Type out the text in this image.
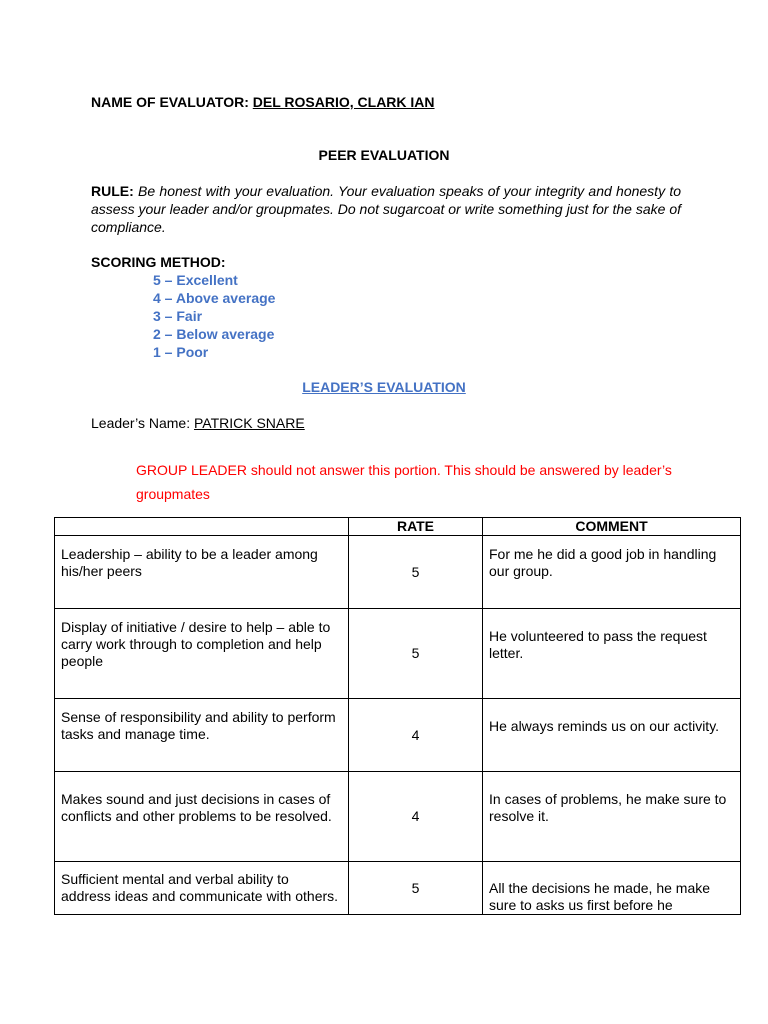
NAME OF EVALUATOR: DEL ROSARIO, CLARK IAN
PEER EVALUATION
RULE: Be honest with your evaluation. Your evaluation speaks of your integrity and honesty to assess your leader and/or groupmates. Do not sugarcoat or write something just for the sake of compliance.
SCORING METHOD:
5 – Excellent
4 – Above average
3 – Fair
2 – Below average
1 – Poor
LEADER’S EVALUATION
Leader’s Name: PATRICK SNARE
GROUP LEADER should not answer this portion. This should be answered by leader’s groupmates
	RATE	COMMENT

Leadership – ability to be a leader among his/her peers	5	For me he did a good job in handling our group.

Display of initiative / desire to help – able to carry work through to completion and help people	5	He volunteered to pass the request letter.

Sense of responsibility and ability to perform tasks and manage time.	4	He always reminds us on our activity.

Makes sound and just decisions in cases of conflicts and other problems to be resolved.	4	In cases of problems, he make sure to resolve it.

Sufficient mental and verbal ability to address ideas and communicate with others.	5	All the decisions he made, he make sure to asks us first before he
